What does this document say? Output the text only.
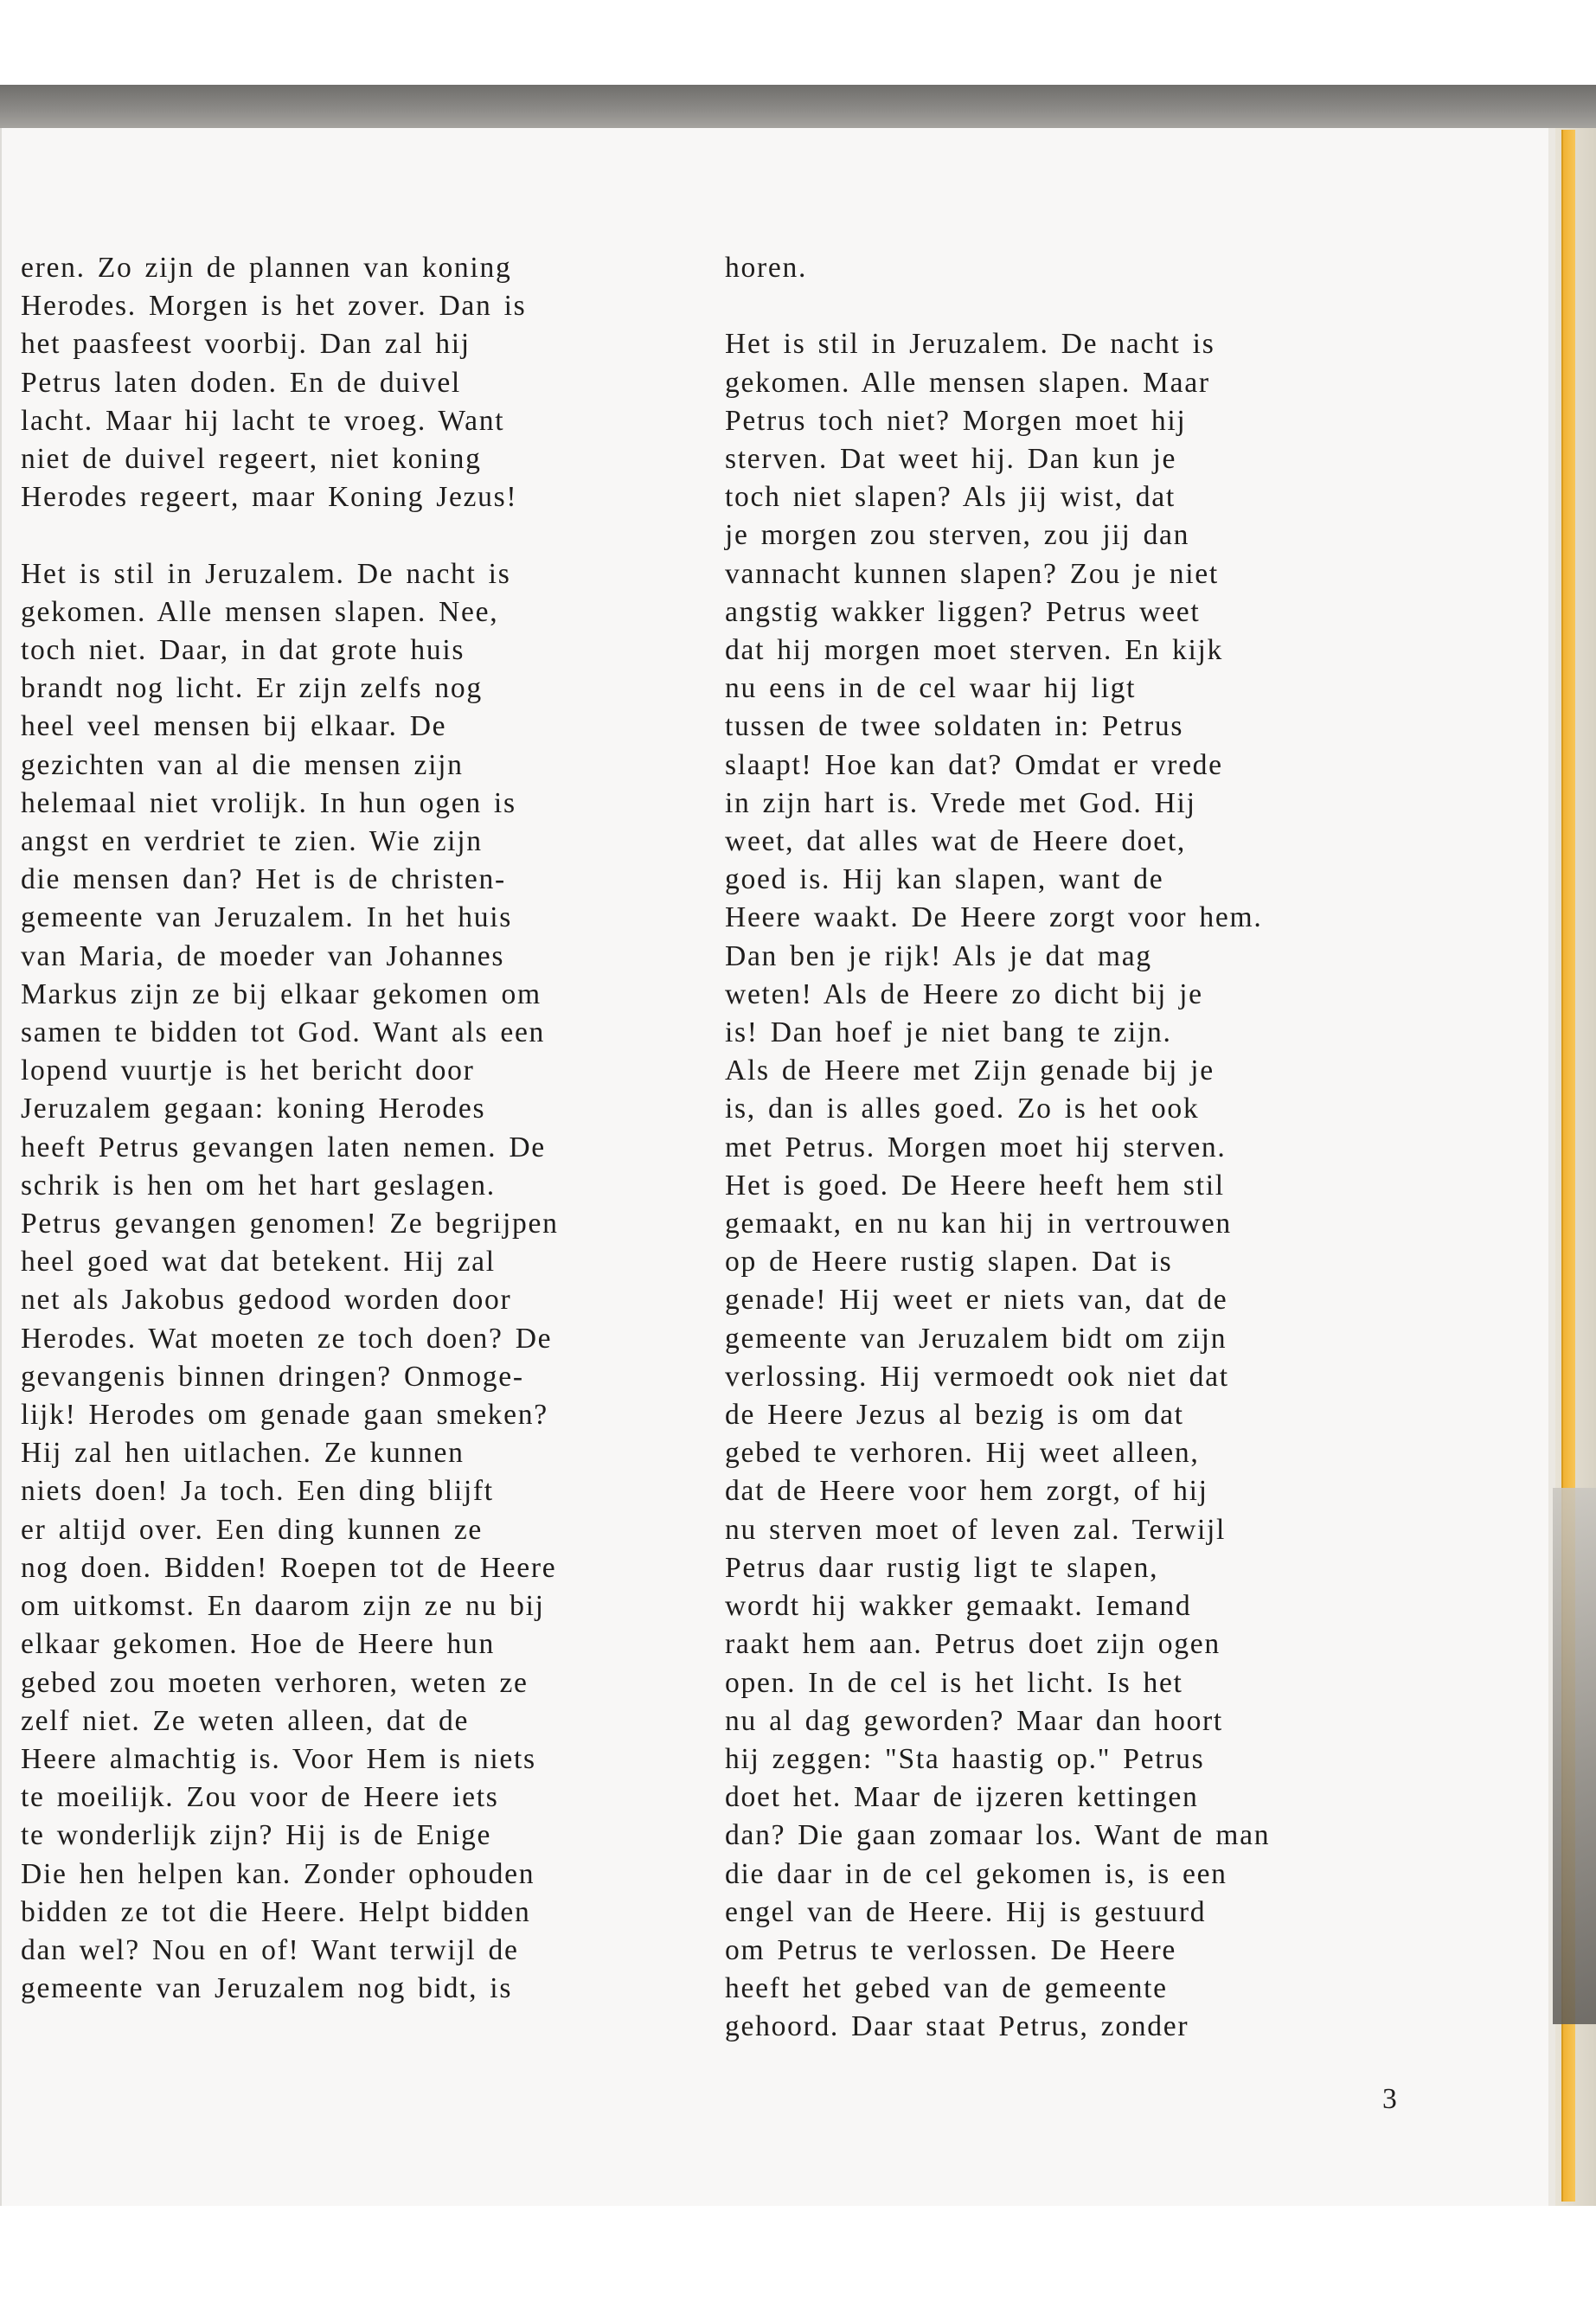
eren. Zo zijn de plannen van koning
Herodes. Morgen is het zover. Dan is
het paasfeest voorbij. Dan zal hij
Petrus laten doden. En de duivel
lacht. Maar hij lacht te vroeg. Want
niet de duivel regeert, niet koning
Herodes regeert, maar Koning Jezus!

Het is stil in Jeruzalem. De nacht is
gekomen. Alle mensen slapen. Nee,
toch niet. Daar, in dat grote huis
brandt nog licht. Er zijn zelfs nog
heel veel mensen bij elkaar. De
gezichten van al die mensen zijn
helemaal niet vrolijk. In hun ogen is
angst en verdriet te zien. Wie zijn
die mensen dan? Het is de christen-
gemeente van Jeruzalem. In het huis
van Maria, de moeder van Johannes
Markus zijn ze bij elkaar gekomen om
samen te bidden tot God. Want als een
lopend vuurtje is het bericht door
Jeruzalem gegaan: koning Herodes
heeft Petrus gevangen laten nemen. De
schrik is hen om het hart geslagen.
Petrus gevangen genomen! Ze begrijpen
heel goed wat dat betekent. Hij zal
net als Jakobus gedood worden door
Herodes. Wat moeten ze toch doen? De
gevangenis binnen dringen? Onmoge-
lijk! Herodes om genade gaan smeken?
Hij zal hen uitlachen. Ze kunnen
niets doen! Ja toch. Een ding blijft
er altijd over. Een ding kunnen ze
nog doen. Bidden! Roepen tot de Heere
om uitkomst. En daarom zijn ze nu bij
elkaar gekomen. Hoe de Heere hun
gebed zou moeten verhoren, weten ze
zelf niet. Ze weten alleen, dat de
Heere almachtig is. Voor Hem is niets
te moeilijk. Zou voor de Heere iets
te wonderlijk zijn? Hij is de Enige
Die hen helpen kan. Zonder ophouden
bidden ze tot die Heere. Helpt bidden
dan wel? Nou en of! Want terwijl de
gemeente van Jeruzalem nog bidt, is

horen.

Het is stil in Jeruzalem. De nacht is
gekomen. Alle mensen slapen. Maar
Petrus toch niet? Morgen moet hij
sterven. Dat weet hij. Dan kun je
toch niet slapen? Als jij wist, dat
je morgen zou sterven, zou jij dan
vannacht kunnen slapen? Zou je niet
angstig wakker liggen? Petrus weet
dat hij morgen moet sterven. En kijk
nu eens in de cel waar hij ligt
tussen de twee soldaten in: Petrus
slaapt! Hoe kan dat? Omdat er vrede
in zijn hart is. Vrede met God. Hij
weet, dat alles wat de Heere doet,
goed is. Hij kan slapen, want de
Heere waakt. De Heere zorgt voor hem.
Dan ben je rijk! Als je dat mag
weten! Als de Heere zo dicht bij je
is! Dan hoef je niet bang te zijn.
Als de Heere met Zijn genade bij je
is, dan is alles goed. Zo is het ook
met Petrus. Morgen moet hij sterven.
Het is goed. De Heere heeft hem stil
gemaakt, en nu kan hij in vertrouwen
op de Heere rustig slapen. Dat is
genade! Hij weet er niets van, dat de
gemeente van Jeruzalem bidt om zijn
verlossing. Hij vermoedt ook niet dat
de Heere Jezus al bezig is om dat
gebed te verhoren. Hij weet alleen,
dat de Heere voor hem zorgt, of hij
nu sterven moet of leven zal. Terwijl
Petrus daar rustig ligt te slapen,
wordt hij wakker gemaakt. Iemand
raakt hem aan. Petrus doet zijn ogen
open. In de cel is het licht. Is het
nu al dag geworden? Maar dan hoort
hij zeggen: "Sta haastig op." Petrus
doet het. Maar de ijzeren kettingen
dan? Die gaan zomaar los. Want de man
die daar in de cel gekomen is, is een
engel van de Heere. Hij is gestuurd
om Petrus te verlossen. De Heere
heeft het gebed van de gemeente
gehoord. Daar staat Petrus, zonder

3
